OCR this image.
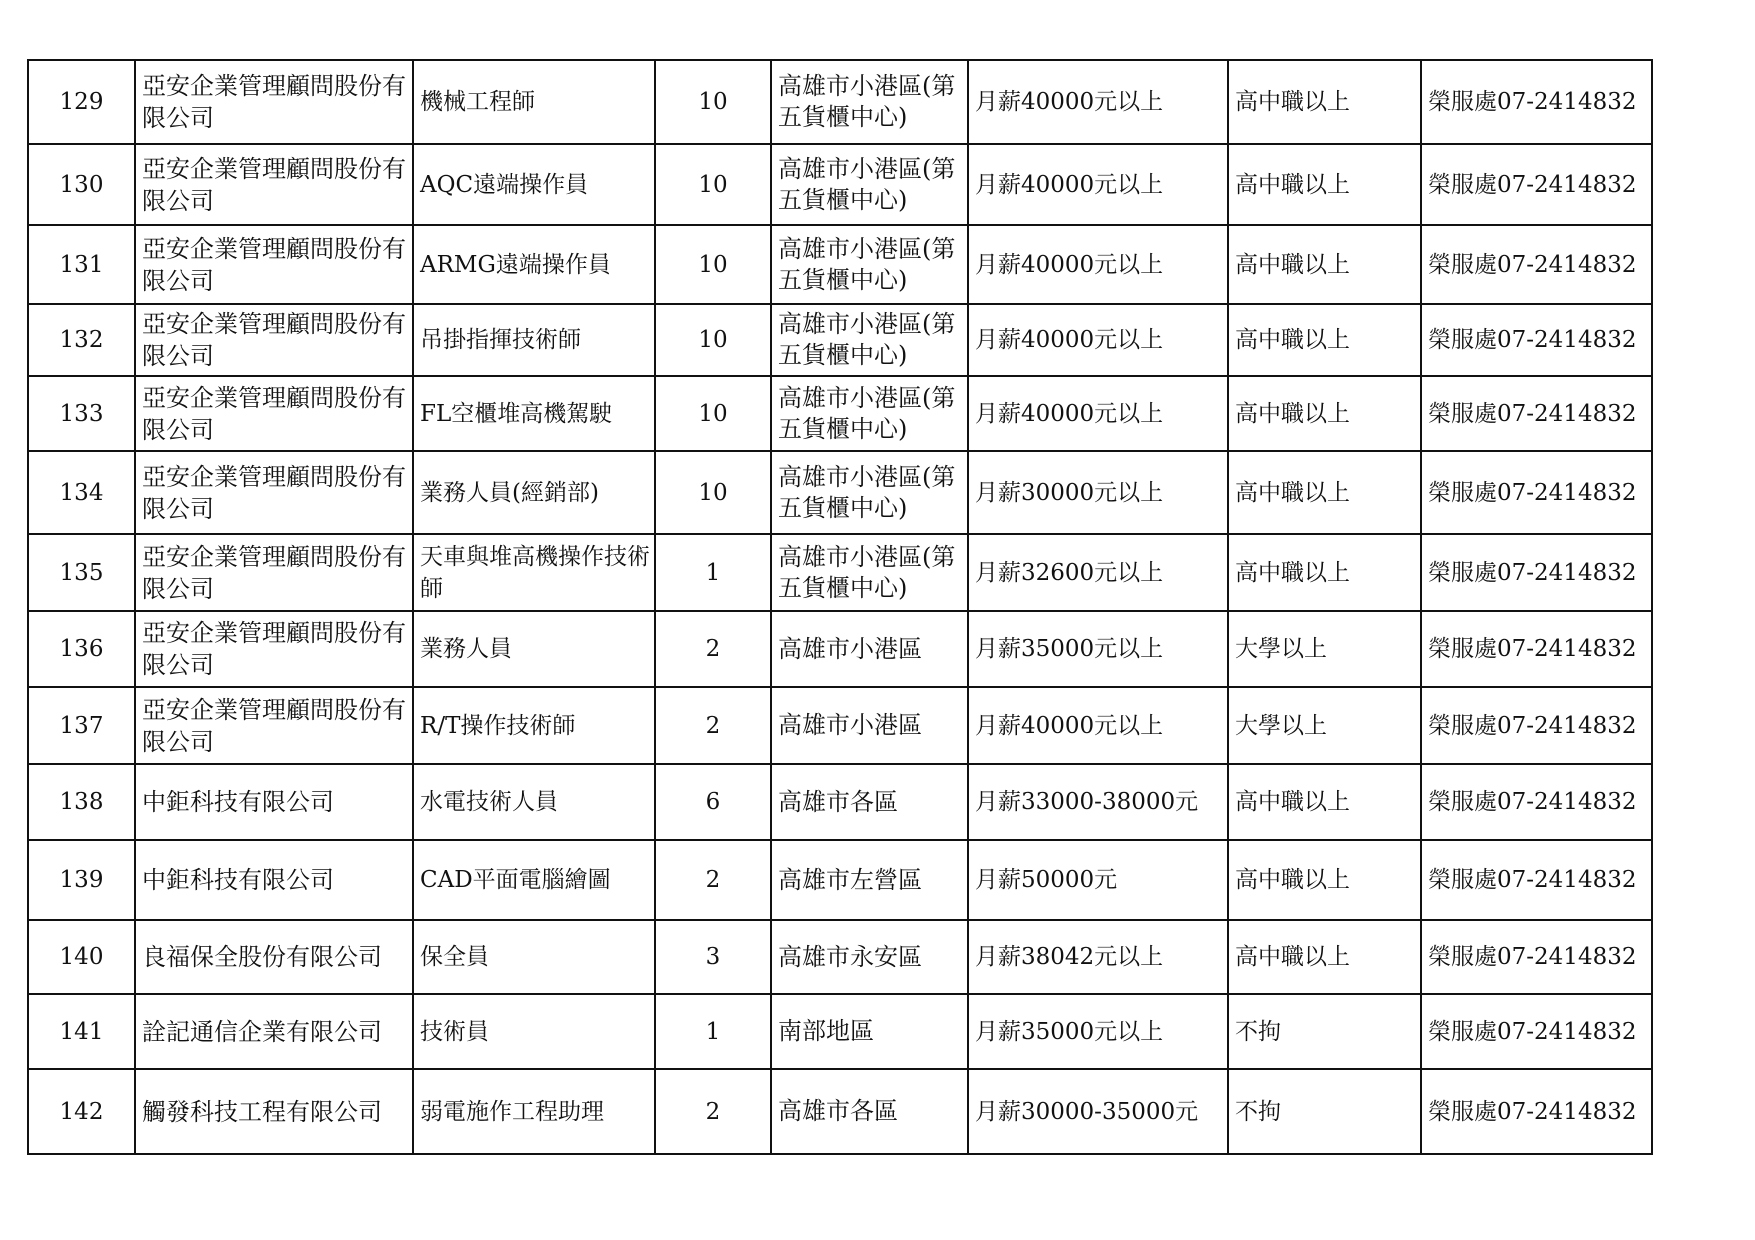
129	亞安企業管理顧問股份有限公司	機械工程師	10	高雄市小港區(第五貨櫃中心)	月薪40000元以上	高中職以上	榮服處07-2414832
130	亞安企業管理顧問股份有限公司	AQC遠端操作員	10	高雄市小港區(第五貨櫃中心)	月薪40000元以上	高中職以上	榮服處07-2414832
131	亞安企業管理顧問股份有限公司	ARMG遠端操作員	10	高雄市小港區(第五貨櫃中心)	月薪40000元以上	高中職以上	榮服處07-2414832
132	亞安企業管理顧問股份有限公司	吊掛指揮技術師	10	高雄市小港區(第五貨櫃中心)	月薪40000元以上	高中職以上	榮服處07-2414832
133	亞安企業管理顧問股份有限公司	FL空櫃堆高機駕駛	10	高雄市小港區(第五貨櫃中心)	月薪40000元以上	高中職以上	榮服處07-2414832
134	亞安企業管理顧問股份有限公司	業務人員(經銷部)	10	高雄市小港區(第五貨櫃中心)	月薪30000元以上	高中職以上	榮服處07-2414832
135	亞安企業管理顧問股份有限公司	天車與堆高機操作技術師	1	高雄市小港區(第五貨櫃中心)	月薪32600元以上	高中職以上	榮服處07-2414832
136	亞安企業管理顧問股份有限公司	業務人員	2	高雄市小港區	月薪35000元以上	大學以上	榮服處07-2414832
137	亞安企業管理顧問股份有限公司	R/T操作技術師	2	高雄市小港區	月薪40000元以上	大學以上	榮服處07-2414832
138	中鉅科技有限公司	水電技術人員	6	高雄市各區	月薪33000-38000元	高中職以上	榮服處07-2414832
139	中鉅科技有限公司	CAD平面電腦繪圖	2	高雄市左營區	月薪50000元	高中職以上	榮服處07-2414832
140	良福保全股份有限公司	保全員	3	高雄市永安區	月薪38042元以上	高中職以上	榮服處07-2414832
141	詮記通信企業有限公司	技術員	1	南部地區	月薪35000元以上	不拘	榮服處07-2414832
142	觸發科技工程有限公司	弱電施作工程助理	2	高雄市各區	月薪30000-35000元	不拘	榮服處07-2414832
